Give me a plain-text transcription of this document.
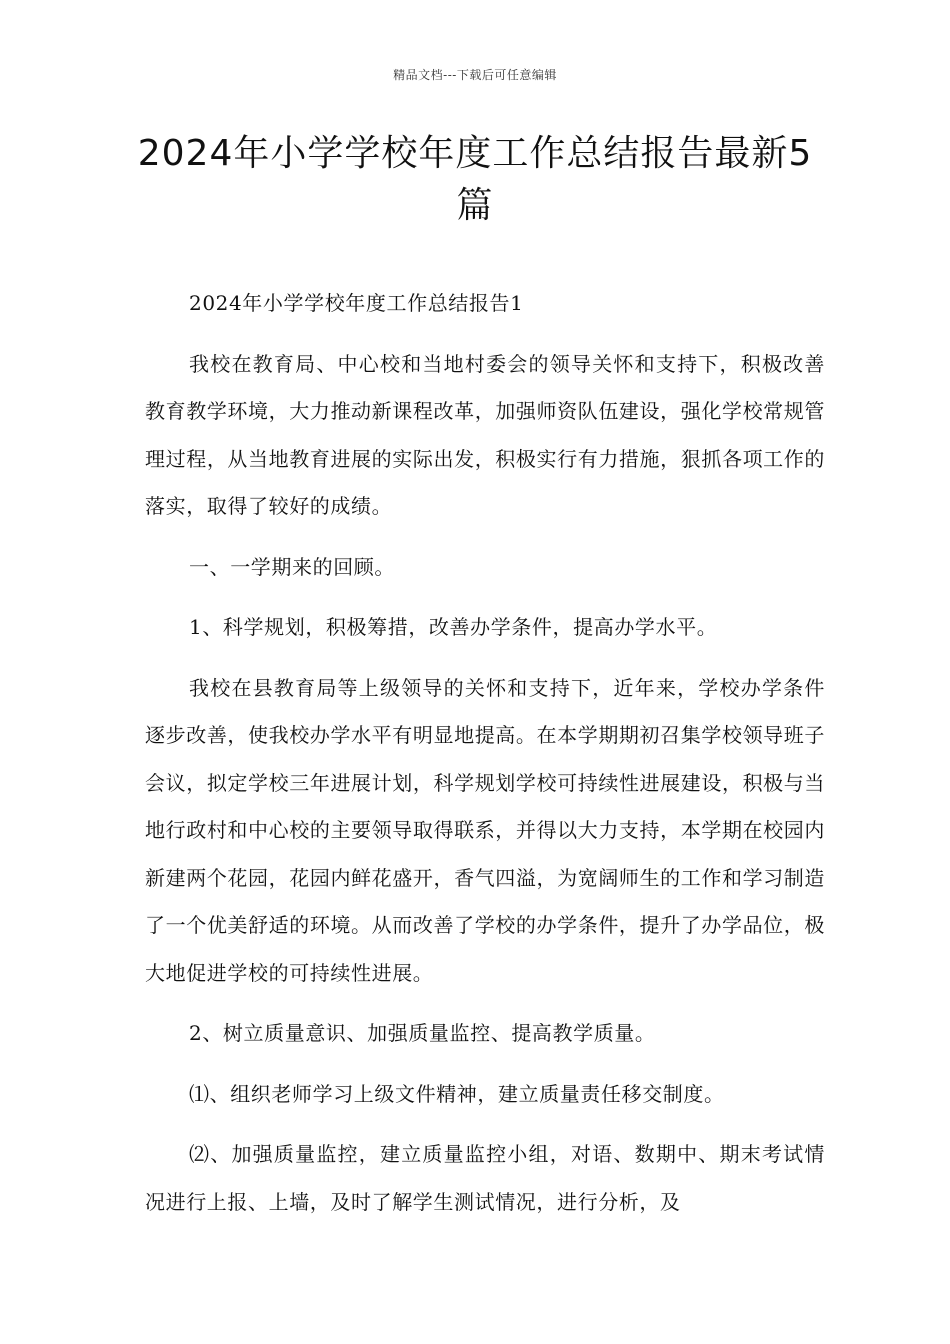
精品文档---下载后可任意编辑
2024年小学学校年度工作总结报告最新5篇

2024年小学学校年度工作总结报告1

我校在教育局、中心校和当地村委会的领导关怀和支持下，积极改善教育教学环境，大力推动新课程改革，加强师资队伍建设，强化学校常规管理过程，从当地教育进展的实际出发，积极实行有力措施，狠抓各项工作的落实，取得了较好的成绩。

一、一学期来的回顾。

1、科学规划，积极筹措，改善办学条件，提高办学水平。

我校在县教育局等上级领导的关怀和支持下，近年来，学校办学条件逐步改善，使我校办学水平有明显地提高。在本学期期初召集学校领导班子会议，拟定学校三年进展计划，科学规划学校可持续性进展建设，积极与当地行政村和中心校的主要领导取得联系，并得以大力支持，本学期在校园内新建两个花园，花园内鲜花盛开，香气四溢，为宽阔师生的工作和学习制造了一个优美舒适的环境。从而改善了学校的办学条件，提升了办学品位，极大地促进学校的可持续性进展。

2、树立质量意识、加强质量监控、提高教学质量。

⑴、组织老师学习上级文件精神，建立质量责任移交制度。

⑵、加强质量监控，建立质量监控小组，对语、数期中、期末考试情况进行上报、上墙，及时了解学生测试情况，进行分析，及
